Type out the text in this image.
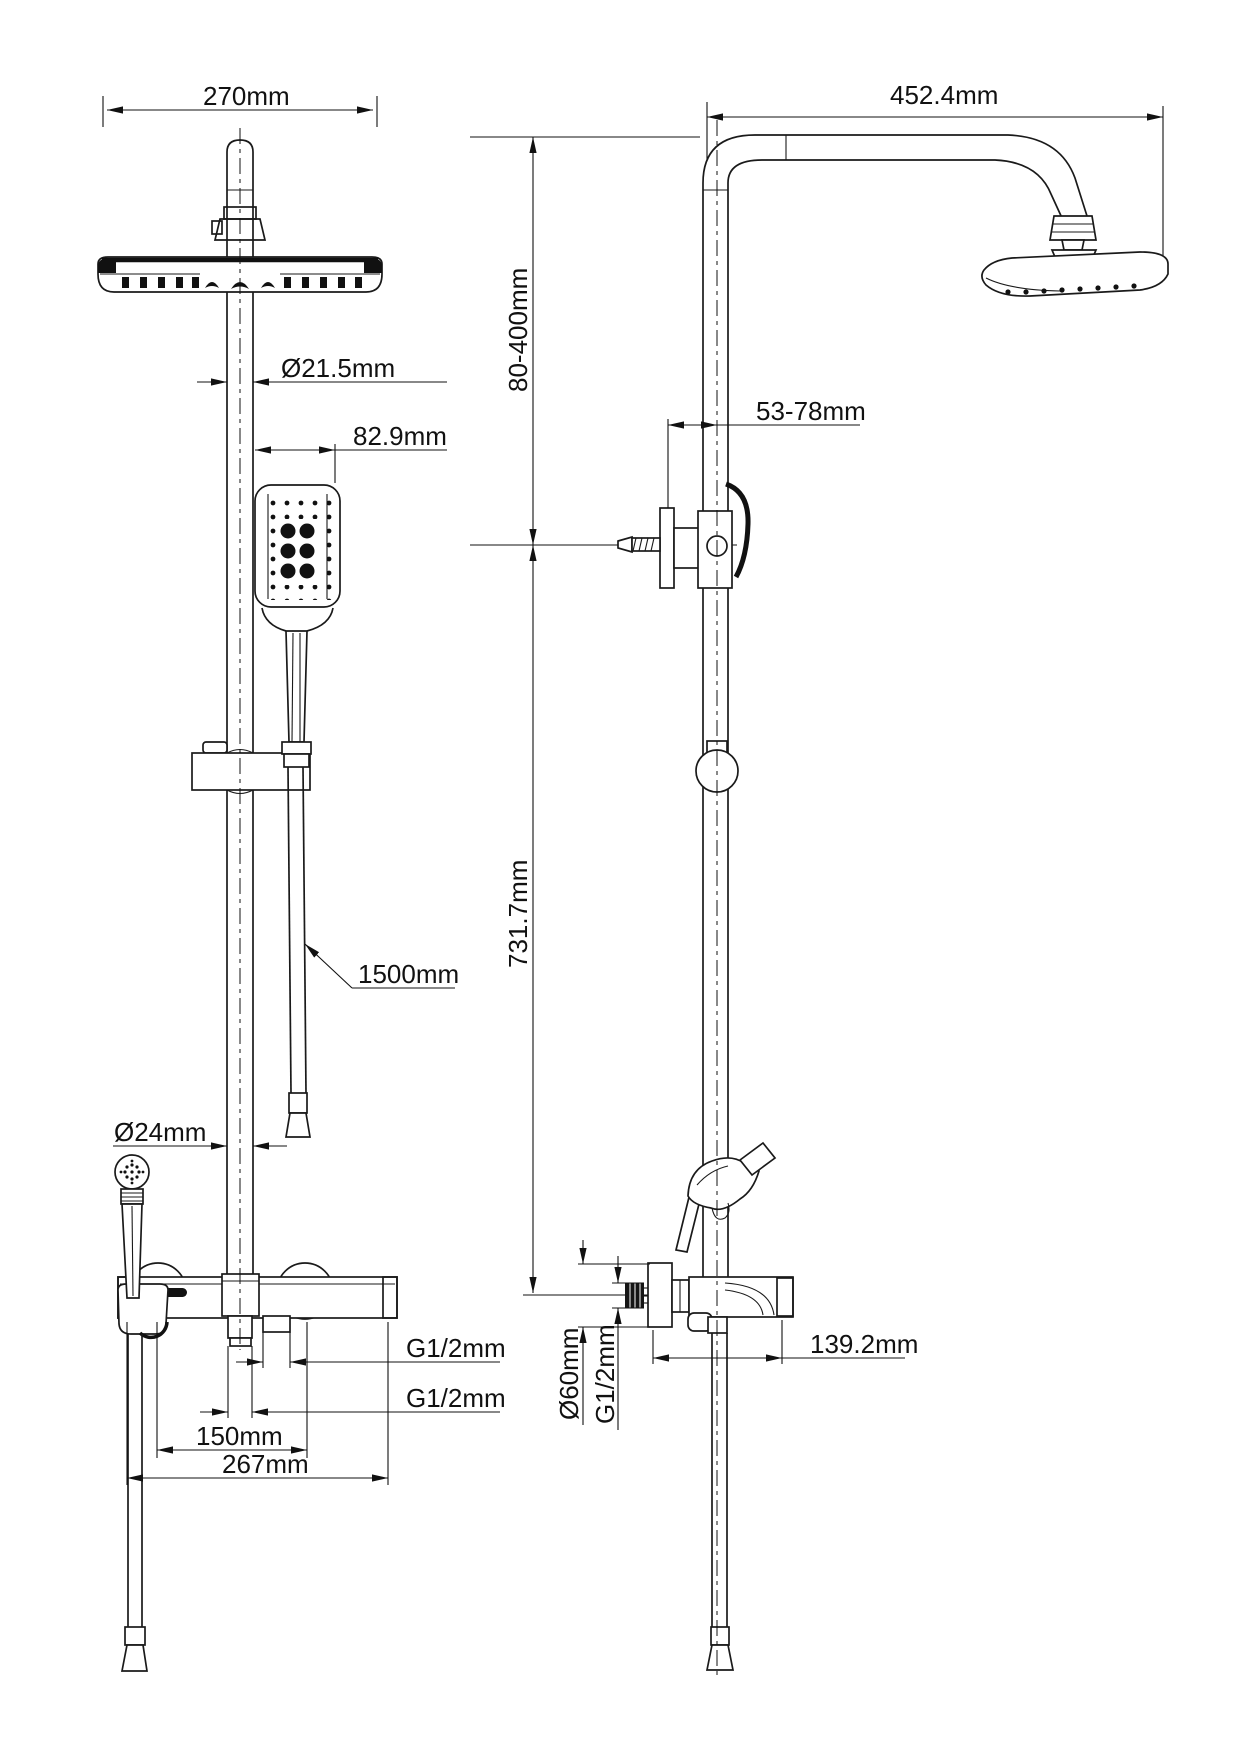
270mm
Ø21.5mm
82.9mm
1500mm
Ø24mm
G1/2mm
G1/2mm
150mm
267mm
452.4mm
80-400mm
53-78mm
731.7mm
Ø60mm G1/2mm	139.2mm
